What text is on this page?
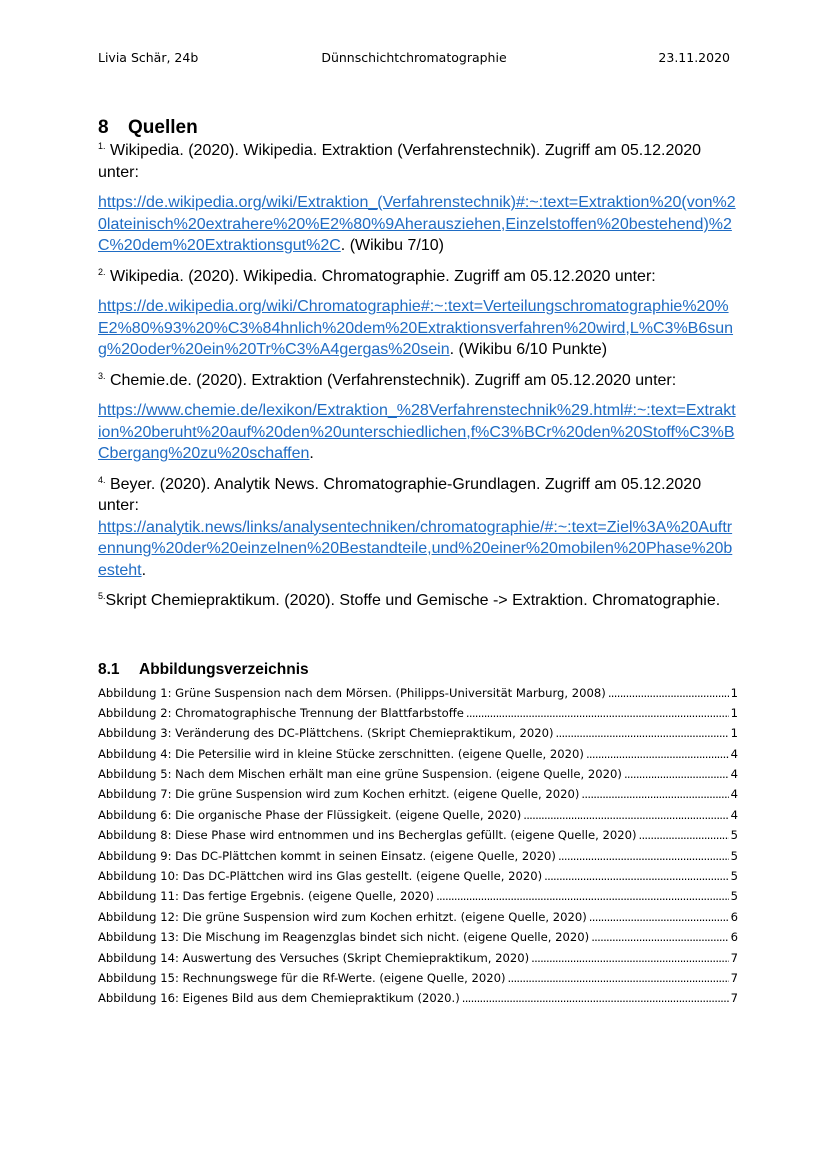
Livia Schär, 24b	Dünnschichtchromatographie	23.11.2020
8 Quellen

$^{1.}$ Wikipedia. (2020). Wikipedia. Extraktion (Verfahrenstechnik). Zugriff am 05.12.2020 unter:

https://de.wikipedia.org/wiki/Extraktion_(Verfahrenstechnik)#:~:text=Extraktion%20(von%20lateinisch%20extrahere%20%E2%80%9Aherausziehen,Einzelstoffen%20bestehend)%2C%20dem%20Extraktionsgut%2C. (Wikibu 7/10)

$^{2.}$ Wikipedia. (2020). Wikipedia. Chromatographie. Zugriff am 05.12.2020 unter:

https://de.wikipedia.org/wiki/Chromatographie#:~:text=Verteilungschromatographie%20%E2%80%93%20%C3%84hnlich%20dem%20Extraktionsverfahren%20wird,L%C3%B6sung%20oder%20ein%20Tr%C3%A4gergas%20sein. (Wikibu 6/10 Punkte)

$^{3.}$ Chemie.de. (2020). Extraktion (Verfahrenstechnik). Zugriff am 05.12.2020 unter:

https://www.chemie.de/lexikon/Extraktion_%28Verfahrenstechnik%29.html#:~:text=Extraktion%20beruht%20auf%20den%20unterschiedlichen,f%C3%BCr%20den%20Stoff%C3%BCbergang%20zu%20schaffen.

$^{4.}$ Beyer. (2020). Analytik News. Chromatographie-Grundlagen. Zugriff am 05.12.2020 unter:

https://analytik.news/links/analysentechniken/chromatographie/#:~:text=Ziel%3A%20Auftrennung%20der%20einzelnen%20Bestandteile,und%20einer%20mobilen%20Phase%20besteht.

$^{5.}$Skript Chemiepraktikum. (2020). Stoffe und Gemische -> Extraktion. Chromatographie.

8.1 Abbildungsverzeichnis
Abbildung 1: Grüne Suspension nach dem Mörsen. (Philipps-Universität Marburg, 2008) . . .	1
Abbildung 2: Chromatographische Trennung der Blattfarbstoffe . . .	1
Abbildung 3: Veränderung des DC-Plättchens. (Skript Chemiepraktikum, 2020) . . .	1
Abbildung 4: Die Petersilie wird in kleine Stücke zerschnitten. (eigene Quelle, 2020) . . .	4
Abbildung 5: Nach dem Mischen erhält man eine grüne Suspension. (eigene Quelle, 2020) . . .	4
Abbildung 7: Die grüne Suspension wird zum Kochen erhitzt. (eigene Quelle, 2020) . . .	4
Abbildung 6: Die organische Phase der Flüssigkeit. (eigene Quelle, 2020) . . .	4
Abbildung 8: Diese Phase wird entnommen und ins Becherglas gefüllt. (eigene Quelle, 2020) . . .	5
Abbildung 9: Das DC-Plättchen kommt in seinen Einsatz. (eigene Quelle, 2020) . . .	5
Abbildung 10: Das DC-Plättchen wird ins Glas gestellt. (eigene Quelle, 2020) . . .	5
Abbildung 11: Das fertige Ergebnis. (eigene Quelle, 2020) . . .	5
Abbildung 12: Die grüne Suspension wird zum Kochen erhitzt. (eigene Quelle, 2020) . . .	6
Abbildung 13: Die Mischung im Reagenzglas bindet sich nicht. (eigene Quelle, 2020) . . .	6
Abbildung 14: Auswertung des Versuches (Skript Chemiepraktikum, 2020) . . .	7
Abbildung 15: Rechnungswege für die Rf-Werte. (eigene Quelle, 2020) . . .	7
Abbildung 16: Eigenes Bild aus dem Chemiepraktikum (2020.) . . .	7
